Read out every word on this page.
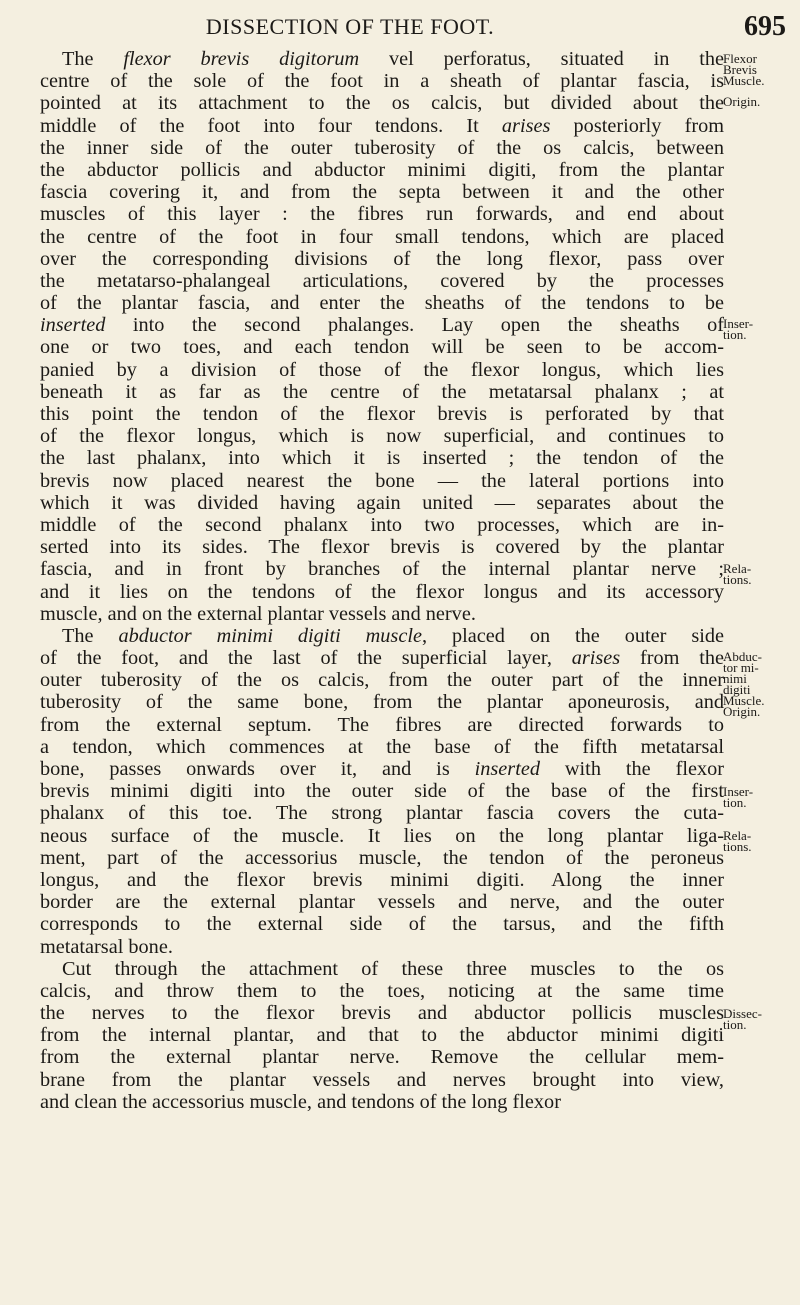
DISSECTION OF THE FOOT.	695
The flexor brevis digitorum vel perforatus, situated in the
centre of the sole of the foot in a sheath of plantar fascia, is
pointed at its attachment to the os calcis, but divided about the
middle of the foot into four tendons. It arises posteriorly from
the inner side of the outer tuberosity of the os calcis, between
the abductor pollicis and abductor minimi digiti, from the plantar
fascia covering it, and from the septa between it and the other
muscles of this layer : the fibres run forwards, and end about
the centre of the foot in four small tendons, which are placed
over the corresponding divisions of the long flexor, pass over
the metatarso-phalangeal articulations, covered by the processes
of the plantar fascia, and enter the sheaths of the tendons to be
inserted into the second phalanges. Lay open the sheaths of
one or two toes, and each tendon will be seen to be accom-
panied by a division of those of the flexor longus, which lies
beneath it as far as the centre of the metatarsal phalanx ; at
this point the tendon of the flexor brevis is perforated by that
of the flexor longus, which is now superficial, and continues to
the last phalanx, into which it is inserted ; the tendon of the
brevis now placed nearest the bone — the lateral portions into
which it was divided having again united — separates about the
middle of the second phalanx into two processes, which are in-
serted into its sides. The flexor brevis is covered by the plantar
fascia, and in front by branches of the internal plantar nerve ;
and it lies on the tendons of the flexor longus and its accessory
muscle, and on the external plantar vessels and nerve.
The abductor minimi digiti muscle, placed on the outer side
of the foot, and the last of the superficial layer, arises from the
outer tuberosity of the os calcis, from the outer part of the inner
tuberosity of the same bone, from the plantar aponeurosis, and
from the external septum. The fibres are directed forwards to
a tendon, which commences at the base of the fifth metatarsal
bone, passes onwards over it, and is inserted with the flexor
brevis minimi digiti into the outer side of the base of the first
phalanx of this toe. The strong plantar fascia covers the cuta-
neous surface of the muscle. It lies on the long plantar liga-
ment, part of the accessorius muscle, the tendon of the peroneus
longus, and the flexor brevis minimi digiti. Along the inner
border are the external plantar vessels and nerve, and the outer
corresponds to the external side of the tarsus, and the fifth
metatarsal bone.
Cut through the attachment of these three muscles to the os
calcis, and throw them to the toes, noticing at the same time
the nerves to the flexor brevis and abductor pollicis muscles
from the internal plantar, and that to the abductor minimi digiti
from the external plantar nerve. Remove the cellular mem-
brane from the plantar vessels and nerves brought into view,
and clean the accessorius muscle, and tendons of the long flexor
Flexor
Brevis
Muscle.
Origin.
Inser-
tion.
Rela-
tions.
Abduc-
tor mi-
nimi
digiti
Muscle.
Origin.
Inser-
tion.
Rela-
tions.
Dissec-
tion.
